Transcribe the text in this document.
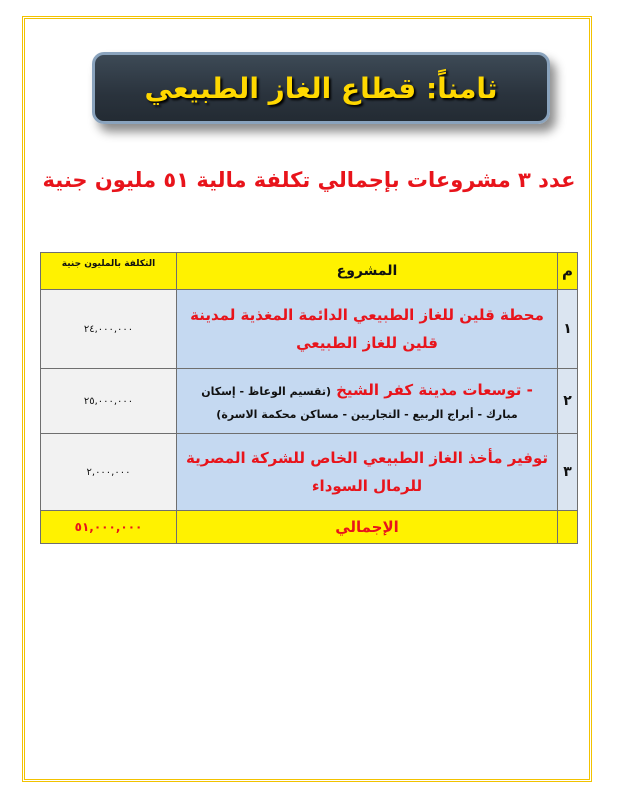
ثامناً: قطاع الغاز الطبيعي
عدد ٣ مشروعات بإجمالي تكلفة مالية ٥١ مليون جنية
م	المشروع	التكلفة بالمليون جنية
١	محطة قلين للغاز الطبيعي الدائمة المغذية لمدينة قلين للغاز الطبيعي	٢٤,٠٠٠,٠٠٠
٢	- توسعات مدينة كفر الشيخ (تقسيم الوعاظ - إسكان
مبارك - أبراج الربيع - التجاريين - مساكن محكمة الاسرة)	٢٥,٠٠٠,٠٠٠
٣	توفير مأخذ الغاز الطبيعي الخاص للشركة المصرية للرمال السوداء	٢,٠٠٠,٠٠٠
	الإجمالي	٥١,٠٠٠,٠٠٠
